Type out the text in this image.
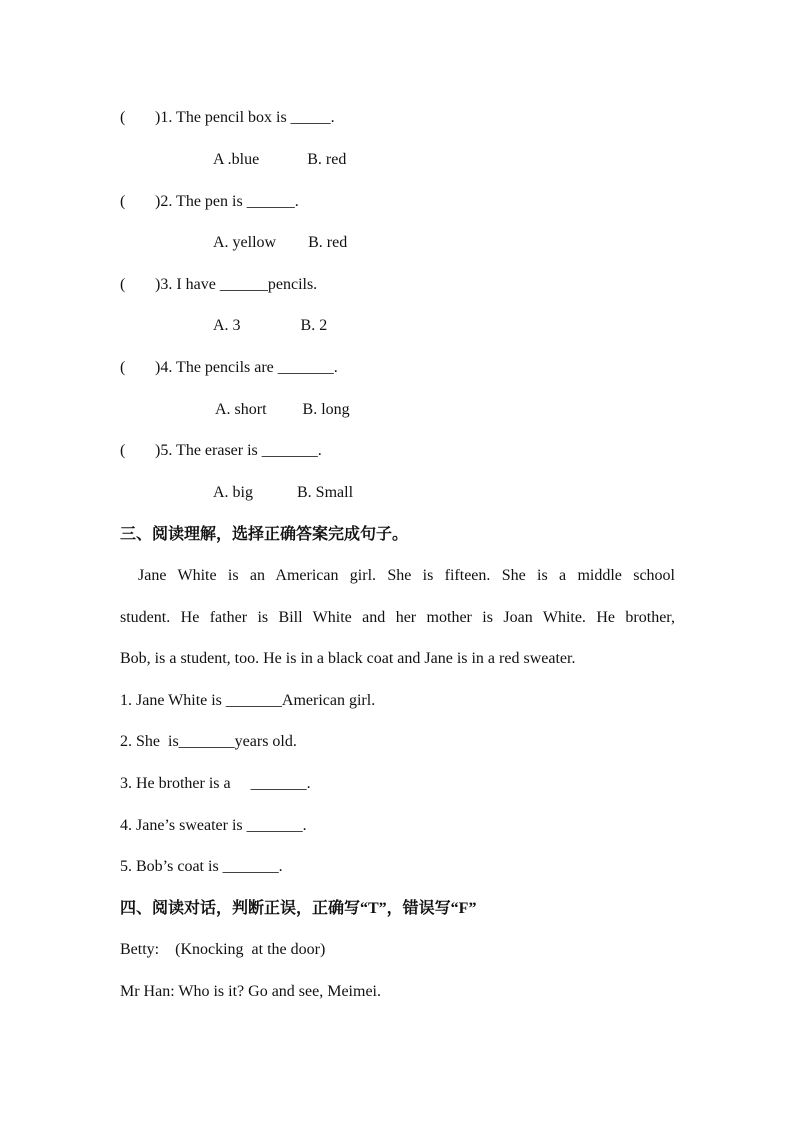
( )1. The pencil box is _____.
A .blue            B. red
( )2. The pen is ______.
A. yellow        B. red
( )3. I have ______pencils.
A. 3               B. 2
( )4. The pencils are _______.
A. short         B. long
( )5. The eraser is _______.
A. big           B. Small
三、阅读理解，选择正确答案完成句子。
Jane White is an American girl. She is fifteen. She is a middle school
student. He father is Bill White and her mother is Joan White. He brother,
Bob, is a student, too. He is in a black coat and Jane is in a red sweater.
1. Jane White is _______American girl.
2. She  is_______years old.
3. He brother is a     _______.
4. Jane’s sweater is _______.
5. Bob’s coat is _______.
四、阅读对话，判断正误，正确写“T”，错误写“F”
Betty:    (Knocking  at the door)
Mr Han: Who is it? Go and see, Meimei.
